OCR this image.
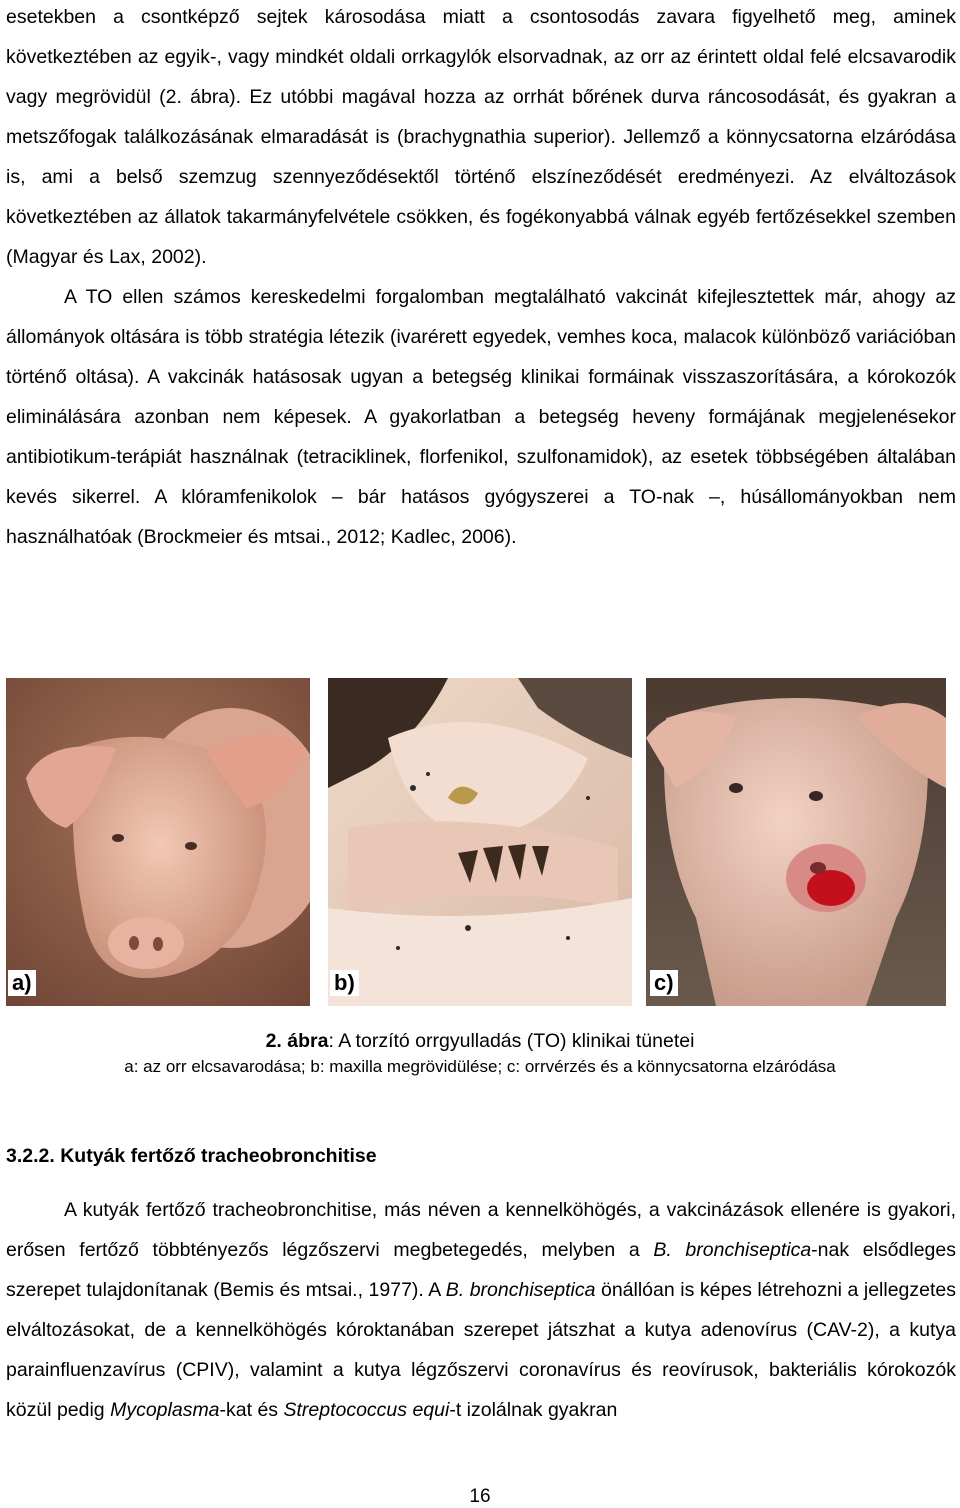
esetekben a csontképző sejtek károsodása miatt a csontosodás zavara figyelhető meg, aminek következtében az egyik-, vagy mindkét oldali orrkagylók elsorvadnak, az orr az érintett oldal felé elcsavarodik vagy megrövidül (2. ábra). Ez utóbbi magával hozza az orrhát bőrének durva ráncosodását, és gyakran a metszőfogak találkozásának elmaradását is (brachygnathia superior). Jellemző a könnycsatorna elzáródása is, ami a belső szemzug szennyeződésektől történő elszíneződését eredményezi. Az elváltozások következtében az állatok takarmányfelvétele csökken, és fogékonyabbá válnak egyéb fertőzésekkel szemben (Magyar és Lax, 2002).

A TO ellen számos kereskedelmi forgalomban megtalálható vakcinát kifejlesztettek már, ahogy az állományok oltására is több stratégia létezik (ivarérett egyedek, vemhes koca, malacok különböző variációban történő oltása). A vakcinák hatásosak ugyan a betegség klinikai formáinak visszaszorítására, a kórokozók eliminálására azonban nem képesek. A gyakorlatban a betegség heveny formájának megjelenésekor antibiotikum-terápiát használnak (tetraciklinek, florfenikol, szulfonamidok), az esetek többségében általában kevés sikerrel. A klóramfenikolok – bár hatásos gyógyszerei a TO-nak –, húsállományokban nem használhatóak (Brockmeier és mtsai., 2012; Kadlec, 2006).

a)	b)	c)
2. ábra: A torzító orrgyulladás (TO) klinikai tünetei
a: az orr elcsavarodása; b: maxilla megrövidülése; c: orrvérzés és a könnycsatorna elzáródása
3.2.2. Kutyák fertőző tracheobronchitise

A kutyák fertőző tracheobronchitise, más néven a kennelköhögés, a vakcinázások ellenére is gyakori, erősen fertőző többtényezős légzőszervi megbetegedés, melyben a B. bronchiseptica-nak elsődleges szerepet tulajdonítanak (Bemis és mtsai., 1977). A B. bronchiseptica önállóan is képes létrehozni a jellegzetes elváltozásokat, de a kennelköhögés kóroktanában szerepet játszhat a kutya adenovírus (CAV-2), a kutya parainfluenzavírus (CPIV), valamint a kutya légzőszervi coronavírus és reovírusok, bakteriális kórokozók közül pedig Mycoplasma-kat és Streptococcus equi-t izolálnak gyakran

16
